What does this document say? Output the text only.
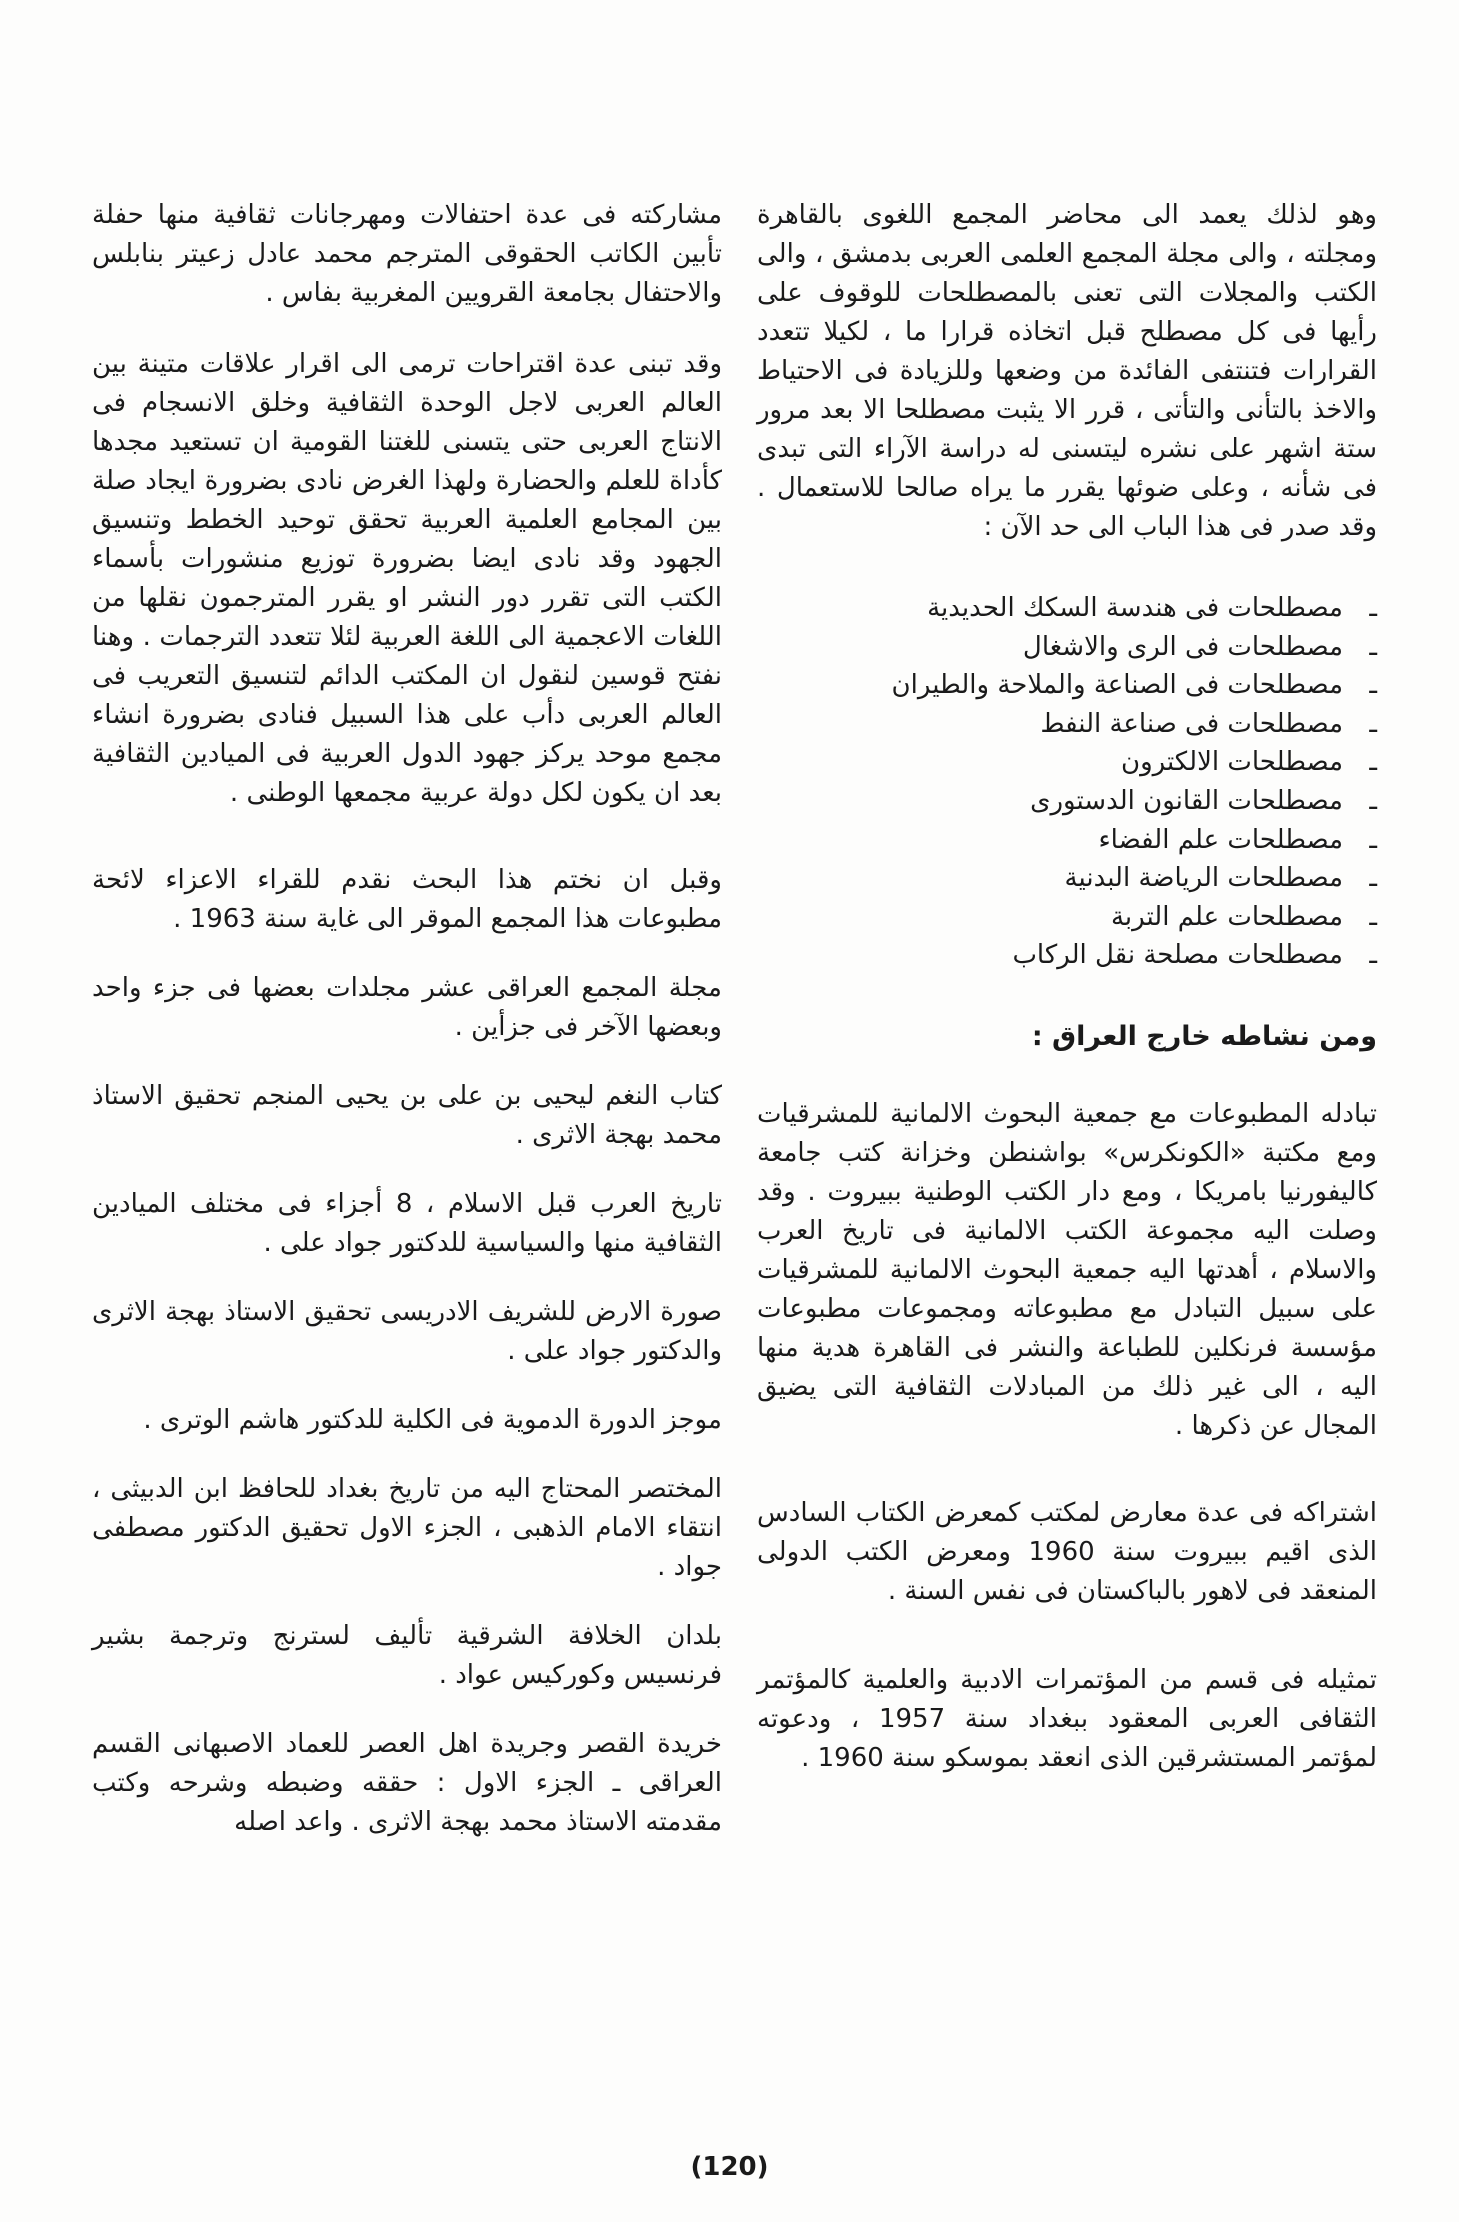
وهو لذلك يعمد الى محاضر المجمع اللغوى بالقاهرة ومجلته ، والى مجلة المجمع العلمى العربى بدمشق ، والى الكتب والمجلات التى تعنى بالمصطلحات للوقوف على رأيها فى كل مصطلح قبل اتخاذه قرارا ما ، لكيلا تتعدد القرارات فتنتفى الفائدة من وضعها وللزيادة فى الاحتياط والاخذ بالتأنى والتأتى ، قرر الا يثبت مصطلحا الا بعد مرور ستة اشهر على نشره ليتسنى له دراسة الآراء التى تبدى فى شأنه ، وعلى ضوئها يقرر ما يراه صالحا للاستعمال . وقد صدر فى هذا الباب الى حد الآن :

ـمصطلحات فى هندسة السكك الحديدية
ـمصطلحات فى الرى والاشغال
ـمصطلحات فى الصناعة والملاحة والطيران
ـمصطلحات فى صناعة النفط
ـمصطلحات الالكترون
ـمصطلحات القانون الدستورى
ـمصطلحات علم الفضاء
ـمصطلحات الرياضة البدنية
ـمصطلحات علم التربة
ـمصطلحات مصلحة نقل الركاب
ومن نشاطه خارج العراق :

تبادله المطبوعات مع جمعية البحوث الالمانية للمشرقيات ومع مكتبة «الكونكرس» بواشنطن وخزانة كتب جامعة كاليفورنيا بامريكا ، ومع دار الكتب الوطنية ببيروت . وقد وصلت اليه مجموعة الكتب الالمانية فى تاريخ العرب والاسلام ، أهدتها اليه جمعية البحوث الالمانية للمشرقيات على سبيل التبادل مع مطبوعاته ومجموعات مطبوعات مؤسسة فرنكلين للطباعة والنشر فى القاهرة هدية منها اليه ، الى غير ذلك من المبادلات الثقافية التى يضيق المجال عن ذكرها .

اشتراكه فى عدة معارض لمكتب كمعرض الكتاب السادس الذى اقيم ببيروت سنة 1960 ومعرض الكتب الدولى المنعقد فى لاهور بالباكستان فى نفس السنة .

تمثيله فى قسم من المؤتمرات الادبية والعلمية كالمؤتمر الثقافى العربى المعقود ببغداد سنة 1957 ، ودعوته لمؤتمر المستشرقين الذى انعقد بموسكو سنة 1960 .

مشاركته فى عدة احتفالات ومهرجانات ثقافية منها حفلة تأبين الكاتب الحقوقى المترجم محمد عادل زعيتر بنابلس والاحتفال بجامعة القرويين المغربية بفاس .

وقد تبنى عدة اقتراحات ترمى الى اقرار علاقات متينة بين العالم العربى لاجل الوحدة الثقافية وخلق الانسجام فى الانتاج العربى حتى يتسنى للغتنا القومية ان تستعيد مجدها كأداة للعلم والحضارة ولهذا الغرض نادى بضرورة ايجاد صلة بين المجامع العلمية العربية تحقق توحيد الخطط وتنسيق الجهود وقد نادى ايضا بضرورة توزيع منشورات بأسماء الكتب التى تقرر دور النشر او يقرر المترجمون نقلها من اللغات الاعجمية الى اللغة العربية لئلا تتعدد الترجمات . وهنا نفتح قوسين لنقول ان المكتب الدائم لتنسيق التعريب فى العالم العربى دأب على هذا السبيل فنادى بضرورة انشاء مجمع موحد يركز جهود الدول العربية فى الميادين الثقافية بعد ان يكون لكل دولة عربية مجمعها الوطنى .

وقبل ان نختم هذا البحث نقدم للقراء الاعزاء لائحة مطبوعات هذا المجمع الموقر الى غاية سنة 1963 .

مجلة المجمع العراقى عشر مجلدات بعضها فى جزء واحد وبعضها الآخر فى جزأين .

كتاب النغم ليحيى بن على بن يحيى المنجم تحقيق الاستاذ محمد بهجة الاثرى .

تاريخ العرب قبل الاسلام ، 8 أجزاء فى مختلف الميادين الثقافية منها والسياسية للدكتور جواد على .

صورة الارض للشريف الادريسى تحقيق الاستاذ بهجة الاثرى والدكتور جواد على .

موجز الدورة الدموية فى الكلية للدكتور هاشم الوترى .

المختصر المحتاج اليه من تاريخ بغداد للحافظ ابن الدبيثى ، انتقاء الامام الذهبى ، الجزء الاول تحقيق الدكتور مصطفى جواد .

بلدان الخلافة الشرقية تأليف لسترنج وترجمة بشير فرنسيس وكوركيس عواد .

خريدة القصر وجريدة اهل العصر للعماد الاصبهانى القسم العراقى ـ الجزء الاول : حققه وضبطه وشرحه وكتب مقدمته الاستاذ محمد بهجة الاثرى . واعد اصله

(120)
